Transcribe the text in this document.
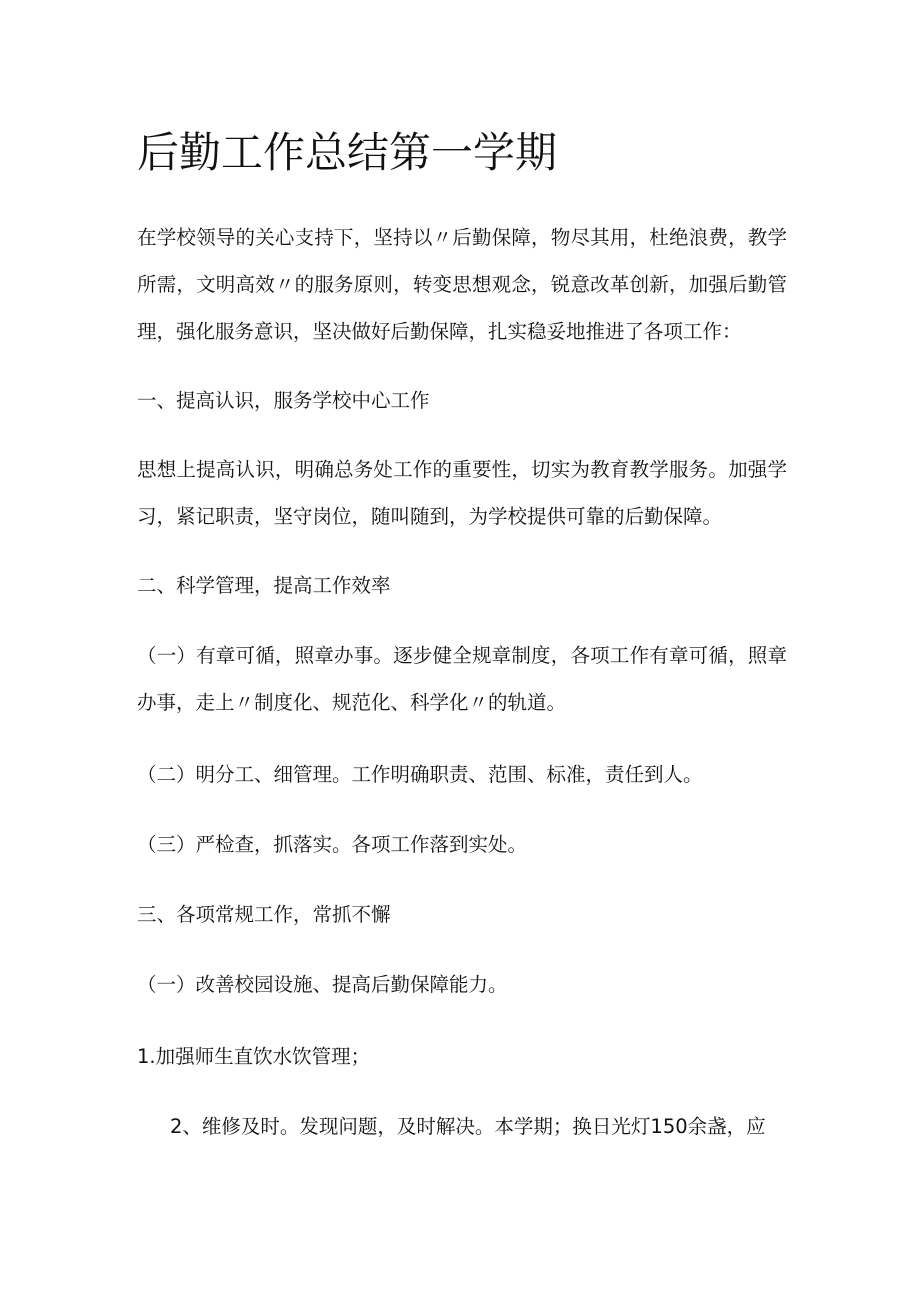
后勤工作总结第一学期

在学校领导的关心支持下，坚持以〃后勤保障，物尽其用，杜绝浪费，教学所需，文明高效〃的服务原则，转变思想观念，锐意改革创新，加强后勤管理，强化服务意识，坚决做好后勤保障，扎实稳妥地推进了各项工作：

一、提高认识，服务学校中心工作

思想上提高认识，明确总务处工作的重要性，切实为教育教学服务。加强学习，紧记职责，坚守岗位，随叫随到，为学校提供可靠的后勤保障。

二、科学管理，提高工作效率

（一）有章可循，照章办事。逐步健全规章制度，各项工作有章可循，照章办事，走上〃制度化、规范化、科学化〃的轨道。

（二）明分工、细管理。工作明确职责、范围、标准，责任到人。

（三）严检查，抓落实。各项工作落到实处。

三、各项常规工作，常抓不懈

（一）改善校园设施、提高后勤保障能力。

1.加强师生直饮水饮管理；

2、维修及时。发现问题，及时解决。本学期；换日光灯150余盏，应
